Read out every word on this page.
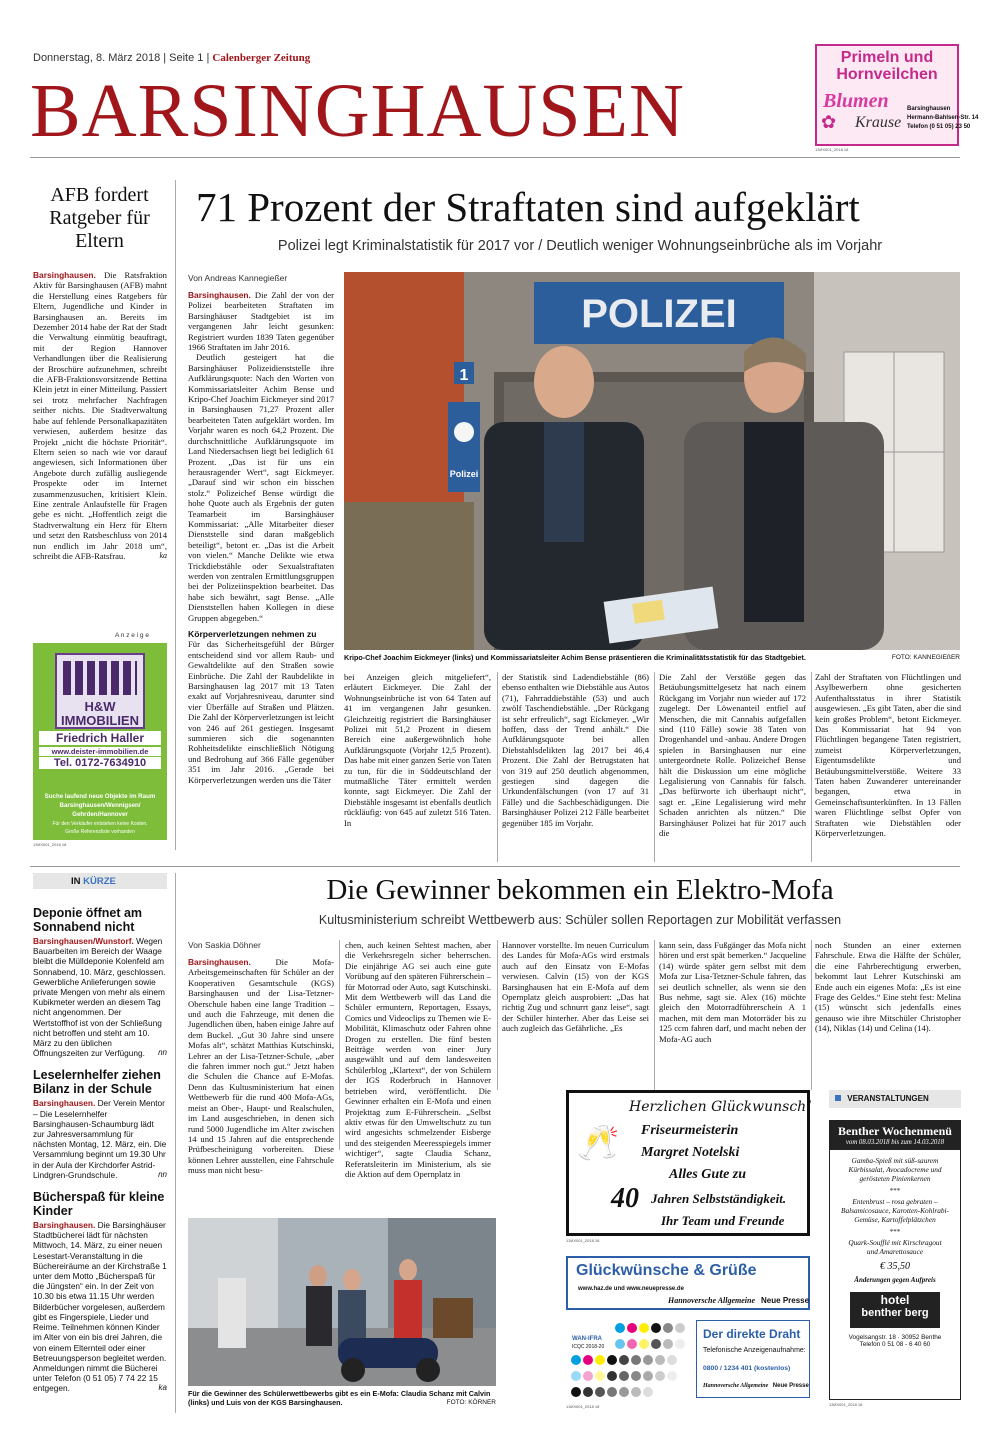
Donnerstag, 8. März 2018 | Seite 1 | Calenberger Zeitung
BARSINGHAUSEN
Primeln und
Hornveilchen
Blumen
Krause
✿
Barsinghausen
Hermann-Bahlsen-Str. 14
Telefon (0 51 05) 23 50
13ИX001_2018 18
AFB fordert Ratgeber für Eltern

Barsinghausen. Die Ratsfraktion Aktiv für Barsinghausen (AFB) mahnt die Herstellung eines Ratgebers für Eltern, Jugendliche und Kinder in Barsinghausen an. Bereits im Dezember 2014 habe der Rat der Stadt die Verwaltung einmütig beauftragt, mit der Region Hannover Verhandlungen über die Realisierung der Broschüre aufzunehmen, schreibt die AFB-Fraktionsvorsitzende Bettina Klein jetzt in einer Mitteilung. Passiert sei trotz mehrfacher Nachfragen seither nichts. Die Stadtverwaltung habe auf fehlende Personalkapazitäten verwiesen, außerdem besitze das Projekt „nicht die höchste Priorität“. Eltern seien so nach wie vor darauf angewiesen, sich Informationen über Angebote durch zufällig ausliegende Prospekte oder im Internet zusammenzusuchen, kritisiert Klein. Eine zentrale Anlaufstelle für Fragen gebe es nicht. „Hoffentlich zeigt die Stadtverwaltung ein Herz für Eltern und setzt den Ratsbeschluss von 2014 nun endlich im Jahr 2018 um“, schreibt die AFB-Ratsfrau.	ka

A n z e i g e
H&W
IMMOBILIEN
Friedrich Haller
www.deister-immobilien.de
Tel. 0172-7634910
Suche laufend neue Objekte im Raum
Barsinghausen/Wennigsen/
Gehrden/Hannover
Für den Verkäufer entstehen keine Kosten.
Große Referenzliste vorhanden
13ИX001_2018 18
71 Prozent der Straftaten sind aufgeklärt
Polizei legt Kriminalstatistik für 2017 vor / Deutlich weniger Wohnungseinbrüche als im Vorjahr
Von Andreas Kannegießer

Barsinghausen. Die Zahl der von der Polizei bearbeiteten Straftaten im Barsinghäuser Stadtgebiet ist im vergangenen Jahr leicht gesunken: Registriert wurden 1839 Taten gegenüber 1966 Straftaten im Jahr 2016.

Deutlich gesteigert hat die Barsinghäuser Polizeidienststelle ihre Aufklärungsquote: Nach den Worten von Kommissariatsleiter Achim Bense und Kripo-Chef Joachim Eickmeyer sind 2017 in Barsinghausen 71,27 Prozent aller bearbeiteten Taten aufgeklärt worden. Im Vorjahr waren es noch 64,2 Prozent. Die durchschnittliche Aufklärungsquote im Land Niedersachsen liegt bei lediglich 61 Prozent. „Das ist für uns ein herausragender Wert“, sagt Eickmeyer. „Darauf sind wir schon ein bisschen stolz.“ Polizeichef Bense würdigt die hohe Quote auch als Ergebnis der guten Teamarbeit im Barsinghäuser Kommissariat: „Alle Mitarbeiter dieser Dienststelle sind daran maßgeblich beteiligt“, betont er. „Das ist die Arbeit von vielen.“ Manche Delikte wie etwa Trickdiebstähle oder Sexualstraftaten werden von zentralen Ermittlungsgruppen bei der Polizeiinspektion bearbeitet. Das habe sich bewährt, sagt Bense. „Alle Dienststellen haben Kollegen in diese Gruppen abgegeben.“

Körperverletzungen nehmen zu

Für das Sicherheitsgefühl der Bürger entscheidend sind vor allem Raub- und Gewaltdelikte auf den Straßen sowie Einbrüche. Die Zahl der Raubdelikte in Barsinghausen lag 2017 mit 13 Taten exakt auf Vorjahresniveau, darunter sind vier Überfälle auf Straßen und Plätzen. Die Zahl der Körperverletzungen ist leicht von 246 auf 261 gestiegen. Insgesamt summieren sich die sogenannten Rohheitsdelikte einschließlich Nötigung und Bedrohung auf 366 Fälle gegenüber 351 im Jahr 2016. „Gerade bei Körperverletzungen werden uns die Täter

POLIZEI
1
Polizei
Kripo-Chef Joachim Eickmeyer (links) und Kommissariatsleiter Achim Bense präsentieren die Kriminalitätsstatistik für das Stadtgebiet.	FOTO: KANNEGIEßER

bei Anzeigen gleich mitgeliefert“, erläutert Eickmeyer. Die Zahl der Wohnungseinbrüche ist von 64 Taten auf 41 im vergangenen Jahr gesunken. Gleichzeitig registriert die Barsinghäuser Polizei mit 51,2 Prozent in diesem Bereich eine außergewöhnlich hohe Aufklärungsquote (Vorjahr 12,5 Prozent). Das habe mit einer ganzen Serie von Taten zu tun, für die in Süddeutschland der mutmaßliche Täter ermittelt werden konnte, sagt Eickmeyer. Die Zahl der Diebstähle insgesamt ist ebenfalls deutlich rückläufig: von 645 auf zuletzt 516 Taten. In

der Statistik sind Ladendiebstähle (86) ebenso enthalten wie Diebstähle aus Autos (71), Fahrraddiebstähle (53) und auch zwölf Taschendiebstähle. „Der Rückgang ist sehr erfreulich“, sagt Eickmeyer. „Wir hoffen, dass der Trend anhält.“ Die Aufklärungsquote bei allen Diebstahlsdelikten lag 2017 bei 46,4 Prozent. Die Zahl der Betrugstaten hat von 319 auf 250 deutlich abgenommen, gestiegen sind dagegen die Urkundenfälschungen (von 17 auf 31 Fälle) und die Sachbeschädigungen. Die Barsinghäuser Polizei 212 Fälle bearbeitet gegenüber 185 im Vorjahr.

Die Zahl der Verstöße gegen das Betäubungsmittelgesetz hat nach einem Rückgang im Vorjahr nun wieder auf 172 zugelegt. Der Löwenanteil entfiel auf Menschen, die mit Cannabis aufgefallen sind (110 Fälle) sowie 38 Taten von Drogenhandel und -anbau. Andere Drogen spielen in Barsinghausen nur eine untergeordnete Rolle. Polizeichef Bense hält die Diskussion um eine mögliche Legalisierung von Cannabis für falsch. „Das befürworte ich überhaupt nicht“, sagt er. „Eine Legalisierung wird mehr Schaden anrichten als nützen.“ Die Barsinghäuser Polizei hat für 2017 auch die

Zahl der Straftaten von Flüchtlingen und Asylbewerbern ohne gesicherten Aufenthaltsstatus in ihrer Statistik ausgewiesen. „Es gibt Taten, aber die sind kein großes Problem“, betont Eickmeyer. Das Kommissariat hat 94 von Flüchtlingen begangene Taten registriert, zumeist Körperverletzungen, Eigentumsdelikte und Betäubungsmittelverstöße. Weitere 33 Taten haben Zuwanderer untereinander begangen, etwa in Gemeinschaftsunterkünften. In 13 Fällen waren Flüchtlinge selbst Opfer von Straftaten wie Diebstählen oder Körperverletzungen.

IN KÜRZE
Deponie öffnet am Sonnabend nicht
Barsinghausen/Wunstorf. Wegen Bauarbeiten im Bereich der Waage bleibt die Mülldeponie Kolenfeld am Sonnabend, 10. März, geschlossen. Gewerbliche Anlieferungen sowie private Mengen von mehr als einem Kubikmeter werden an diesem Tag nicht angenommen. Der Wertstoffhof ist von der Schließung nicht betroffen und steht am 10. März zu den üblichen Öffnungszeiten zur Verfügung. nn
Leselernhelfer ziehen Bilanz in der Schule
Barsinghausen. Der Verein Mentor – Die Leselernhelfer Barsinghausen-Schaumburg lädt zur Jahresversammlung für nächsten Montag, 12. März, ein. Die Versammlung beginnt um 19.30 Uhr in der Aula der Kirchdorfer Astrid-Lindgren-Grundschule.	nn
Bücherspaß für kleine Kinder
Barsinghausen. Die Barsinghäuser Stadtbücherei lädt für nächsten Mittwoch, 14. März, zu einer neuen Lesestart-Veranstaltung in die Büchereiräume an der Kirchstraße 1 unter dem Motto „Bücherspaß für die Jüngsten“ ein. In der Zeit von 10.30 bis etwa 11.15 Uhr werden Bilderbücher vorgelesen, außerdem gibt es Fingerspiele, Lieder und Reime. Teilnehmen können Kinder im Alter von ein bis drei Jahren, die von einem Elternteil oder einer Betreuungsperson begleitet werden. Anmeldungen nimmt die Bücherei unter Telefon (0 51 05) 7 74 22 15 entgegen.	ka
Die Gewinner bekommen ein Elektro-Mofa
Kultusministerium schreibt Wettbewerb aus: Schüler sollen Reportagen zur Mobilität verfassen
Von Saskia Döhner

Barsinghausen.	Die Mofa-Arbeitsgemeinschaften für Schüler an der Kooperativen Gesamtschule (KGS) Barsinghausen und der Lisa-Tetzner-Oberschule haben eine lange Tradition – und auch die Fahrzeuge, mit denen die Jugendlichen üben, haben einige Jahre auf dem Buckel. „Gut 30 Jahre sind unsere Mofas alt“, schätzt Matthias Kutschinski, Lehrer an der Lisa-Tetzner-Schule, „aber die fahren immer noch gut.“ Jetzt haben die Schulen die Chance auf E-Mofas. Denn das Kultusministerium hat einen Wettbewerb für die rund 400 Mofa-AGs, meist an Ober-, Haupt- und Realschulen, im Land ausgeschrieben, in denen sich rund 5000 Jugendliche im Alter zwischen 14 und 15 Jahren auf die entsprechende Prüfbescheinigung vorbereiten. Diese können Lehrer ausstellen, eine Fahrschule muss man nicht besu-

chen, auch keinen Sehtest machen, aber die Verkehrsregeln sicher beherrschen. Die einjährige AG sei auch eine gute Vorübung auf den späteren Führerschein – für Motorrad oder Auto, sagt Kutschinski. Mit dem Wettbewerb will das Land die Schüler ermuntern, Reportagen, Essays, Comics und Videoclips zu Themen wie E-Mobilität, Klimaschutz oder Fahren ohne Drogen zu erstellen. Die fünf besten Beiträge werden von einer Jury ausgewählt und auf dem landesweiten Schülerblog „Klartext“, der von Schülern der IGS Roderbruch in Hannover betrieben wird, veröffentlicht. Die Gewinner erhalten ein E-Mofa und einen Projekttag zum E-Führerschein. „Selbst aktiv etwas für den Umweltschutz zu tun wird angesichts schmelzender Eisberge und des steigenden Meeresspiegels immer wichtiger“, sagte Claudia Schanz, Referatsleiterin im Ministerium, als sie die Aktion auf dem Opernplatz in

Hannover vorstellte. Im neuen Curriculum des Landes für Mofa-AGs wird erstmals auch auf den Einsatz von E-Mofas verwiesen. Calvin (15) von der KGS Barsinghausen hat ein E-Mofa auf dem Opernplatz gleich ausprobiert: „Das hat richtig Zug und schnurrt ganz leise“, sagt der Schüler hinterher. Aber das Leise sei auch zugleich das Gefährliche. „Es

kann sein, dass Fußgänger das Mofa nicht hören und erst spät bemerken.“ Jacqueline (14) würde später gern selbst mit dem Mofa zur Lisa-Tetzner-Schule fahren, das sei deutlich schneller, als wenn sie den Bus nehme, sagt sie. Alex (16) möchte gleich den Motorradführerschein A 1 machen, mit dem man Motorräder bis zu 125 ccm fahren darf, und macht neben der Mofa-AG auch

noch Stunden an einer externen Fahrschule. Etwa die Hälfte der Schüler, die eine Fahrberechtigung erwerben, bekommt laut Lehrer Kutschinski am Ende auch ein eigenes Mofa: „Es ist eine Frage des Geldes.“ Eine steht fest: Melina (15) wünscht sich jedenfalls eines genauso wie ihre Mitschüler Christopher (14), Niklas (14) und Celina (14).

Für die Gewinner des Schülerwettbewerbs gibt es ein E-Mofa: Claudia Schanz mit Calvin (links) und Luis von der KGS Barsinghausen.	FOTO: KÖRNER
🥂
Herzlichen Glückwunsch!
Friseurmeisterin
Margret Notelski
Alles Gute zu
40 Jahren Selbstständigkeit.
Ihr Team und Freunde
13ИX001_2018 18
Glückwünsche & Grüße
www.haz.de und www.neuepresse.de
Hannoversche Allgemeine Neue Presse
WAN-IFRA
ICQC 2018-20
Der direkte Draht
Telefonische Anzeigenaufnahme:
0800 / 1234 401 (kostenlos)
Hannoversche Allgemeine Neue Presse
13ИX001_2018 18
VERANSTALTUNGEN
Benther Wochenmenü
vom 08.03.2018 bis zum 14.03.2018
Gamba-Spieß mit süß-saurem Kürbissalat, Avocadocreme und gerösteten Pinienkernen
***
Entenbrust – rosa gebraten – Balsamicosauce, Karotten-Kohlrabi-Gemüse, Kartoffelplätzchen
***
Quark-Soufflé mit Kirschragout und Amarettosauce
€ 35,50
Änderungen gegen Aufpreis
hotel
benther berg
Vogelsangstr. 18 · 30952 Benthe
Telefon 0 51 08 - 6 40 60
13ИX001_2018 18
